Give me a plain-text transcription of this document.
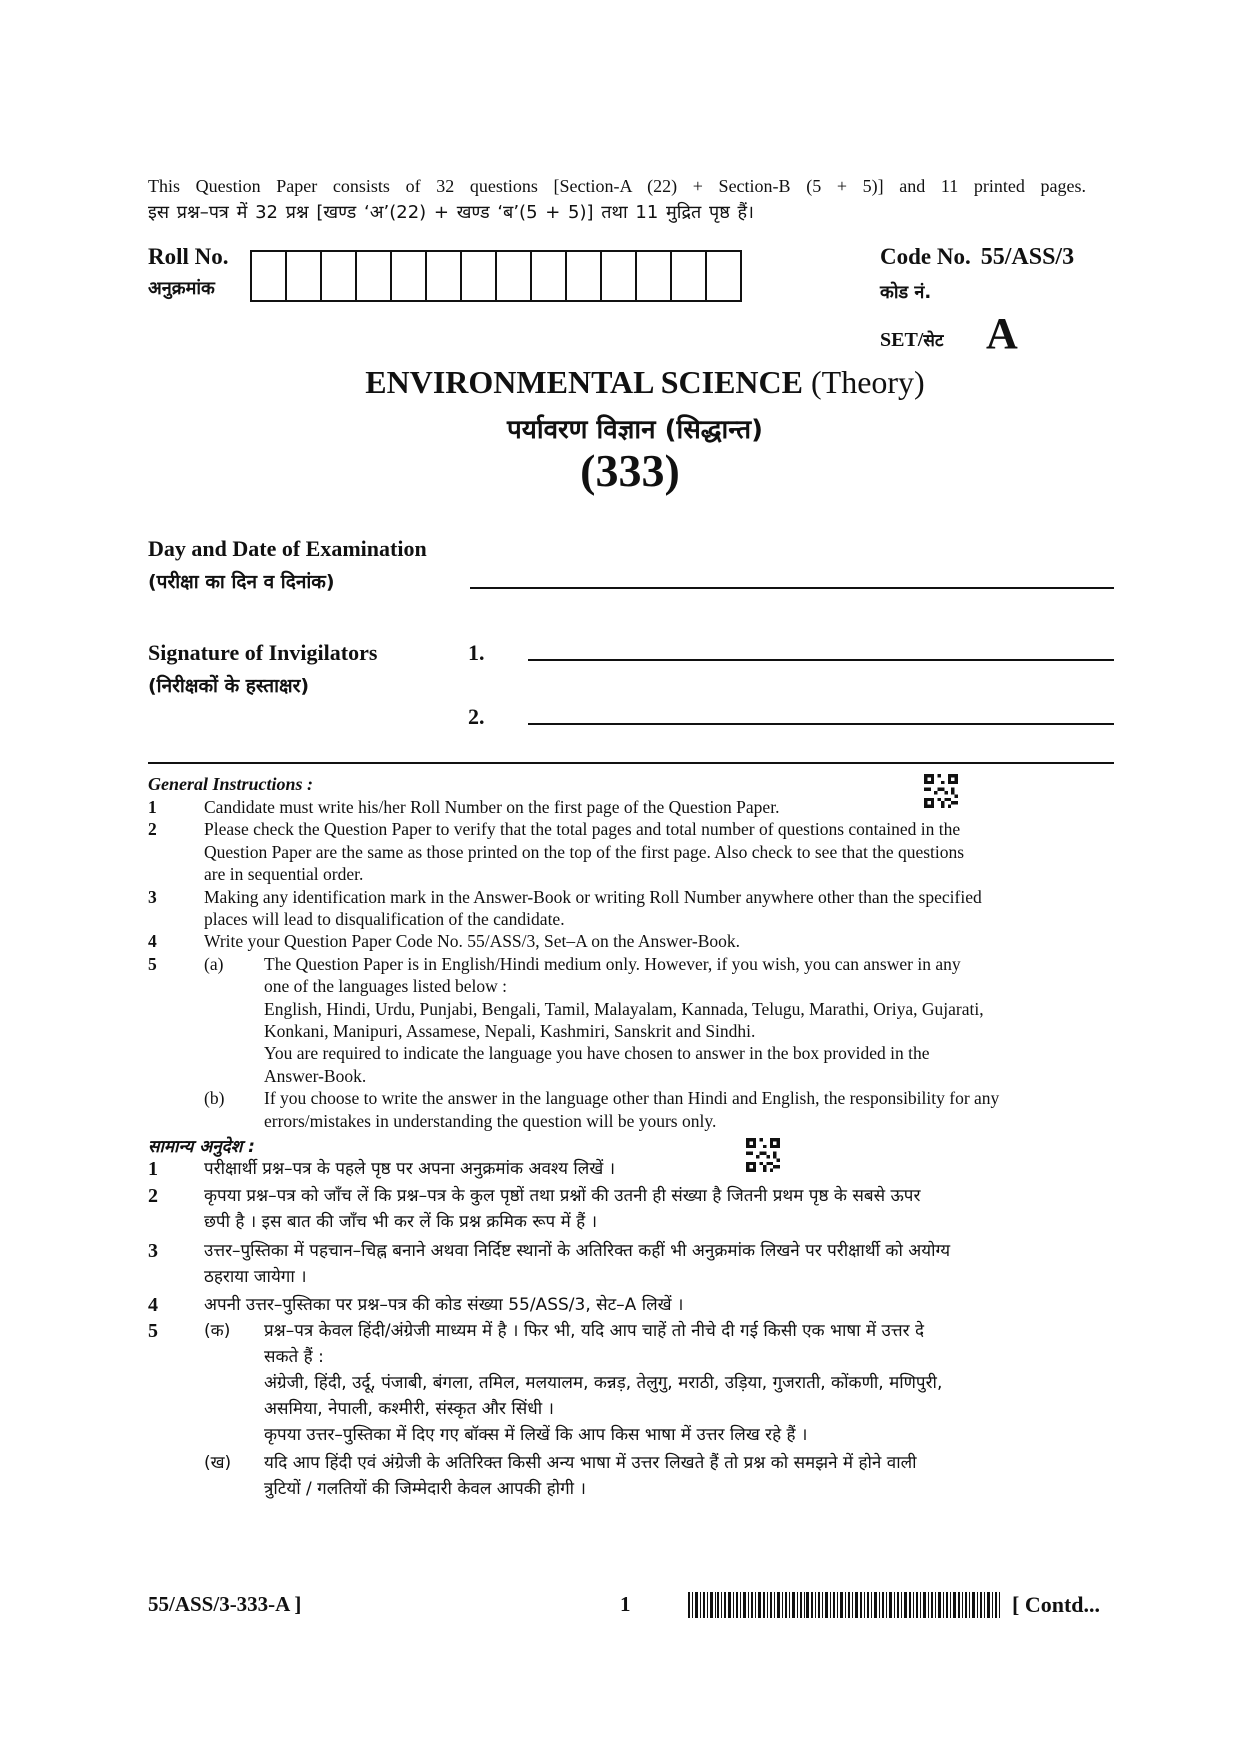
This Question Paper consists of 32 questions [Section-A (22) + Section-B (5 + 5)] and 11 printed pages.
इस प्रश्न–पत्र में 32 प्रश्न [खण्ड ‘अ’(22) + खण्ड ‘ब’(5 + 5)] तथा 11 मुद्रित पृष्ठ हैं।
Roll No.
अनुक्रमांक
Code No. 55/ASS/3
कोड नं.
SET/सेट A
ENVIRONMENTAL SCIENCE (Theory)
पर्यावरण विज्ञान (सिद्धान्त)
(333)
Day and Date of Examination
(परीक्षा का दिन व दिनांक)
Signature of Invigilators
(निरीक्षकों के हस्ताक्षर)
1.
2.
General Instructions :
1	Candidate must write his/her Roll Number on the first page of the Question Paper.
2	Please check the Question Paper to verify that the total pages and total number of questions contained in the
Question Paper are the same as those printed on the top of the first page. Also check to see that the questions
are in sequential order.
3	Making any identification mark in the Answer-Book or writing Roll Number anywhere other than the specified
places will lead to disqualification of the candidate.
4	Write your Question Paper Code No. 55/ASS/3, Set–A on the Answer-Book.
5	(a) The Question Paper is in English/Hindi medium only. However, if you wish, you can answer in any
one of the languages listed below :
English, Hindi, Urdu, Punjabi, Bengali, Tamil, Malayalam, Kannada, Telugu, Marathi, Oriya, Gujarati,
Konkani, Manipuri, Assamese, Nepali, Kashmiri, Sanskrit and Sindhi.
You are required to indicate the language you have chosen to answer in the box provided in the
Answer-Book.
(b) If you choose to write the answer in the language other than Hindi and English, the responsibility for any
errors/mistakes in understanding the question will be yours only.
सामान्य अनुदेश :
1	परीक्षार्थी प्रश्न–पत्र के पहले पृष्ठ पर अपना अनुक्रमांक अवश्य लिखें ।
2	कृपया प्रश्न–पत्र को जाँच लें कि प्रश्न–पत्र के कुल पृष्ठों तथा प्रश्नों की उतनी ही संख्या है जितनी प्रथम पृष्ठ के सबसे ऊपर
छपी है । इस बात की जाँच भी कर लें कि प्रश्न क्रमिक रूप में हैं ।
3	उत्तर–पुस्तिका में पहचान–चिह्न बनाने अथवा निर्दिष्ट स्थानों के अतिरिक्त कहीं भी अनुक्रमांक लिखने पर परीक्षार्थी को अयोग्य
ठहराया जायेगा ।
4	अपनी उत्तर–पुस्तिका पर प्रश्न–पत्र की कोड संख्या 55/ASS/3, सेट–A लिखें ।
5	(क) प्रश्न–पत्र केवल हिंदी/अंग्रेजी माध्यम में है । फिर भी, यदि आप चाहें तो नीचे दी गई किसी एक भाषा में उत्तर दे
सकते हैं :
अंग्रेजी, हिंदी, उर्दू, पंजाबी, बंगला, तमिल, मलयालम, कन्नड़, तेलुगु, मराठी, उड़िया, गुजराती, कोंकणी, मणिपुरी,
असमिया, नेपाली, कश्मीरी, संस्कृत और सिंधी ।
कृपया उत्तर–पुस्तिका में दिए गए बॉक्स में लिखें कि आप किस भाषा में उत्तर लिख रहे हैं ।
(ख) यदि आप हिंदी एवं अंग्रेजी के अतिरिक्त किसी अन्य भाषा में उत्तर लिखते हैं तो प्रश्न को समझने में होने वाली
त्रुटियों / गलतियों की जिम्मेदारी केवल आपकी होगी ।
55/ASS/3-333-A ]	1	[ Contd...
